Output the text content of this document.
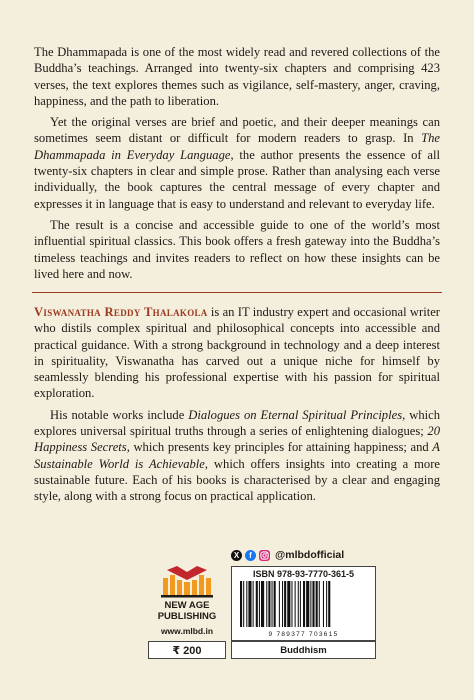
The Dhammapada is one of the most widely read and revered collections of the Buddha’s teachings. Arranged into twenty-six chapters and comprising 423 verses, the text explores themes such as vigilance, self-mastery, anger, craving, happiness, and the path to liberation.

Yet the original verses are brief and poetic, and their deeper meanings can sometimes seem distant or difficult for modern readers to grasp. In The Dhammapada in Everyday Language, the author presents the essence of all twenty-six chapters in clear and simple prose. Rather than analysing each verse individually, the book captures the central message of every chapter and expresses it in language that is easy to understand and relevant to everyday life.

The result is a concise and accessible guide to one of the world’s most influential spiritual classics. This book offers a fresh gateway into the Buddha’s timeless teachings and invites readers to reflect on how these insights can be lived here and now.

Viswanatha Reddy Thalakola is an IT industry expert and occasional writer who distils complex spiritual and philosophical concepts into accessible and practical guidance. With a strong background in technology and a deep interest in spirituality, Viswanatha has carved out a unique niche for himself by seamlessly blending his professional expertise with his passion for spiritual exploration.

His notable works include Dialogues on Eternal Spiritual Principles, which explores universal spiritual truths through a series of enlightening dialogues; 20 Happiness Secrets, which presents key principles for attaining happiness; and A Sustainable World is Achievable, which offers insights into creating a more sustainable future. Each of his books is characterised by a clear and engaging style, along with a strong focus on practical application.

X	f	@mlbdofficial
NEW AGE
PUBLISHING
www.mlbd.in
₹ 200
ISBN 978-93-7770-361-5
9 789377 703615
Buddhism
